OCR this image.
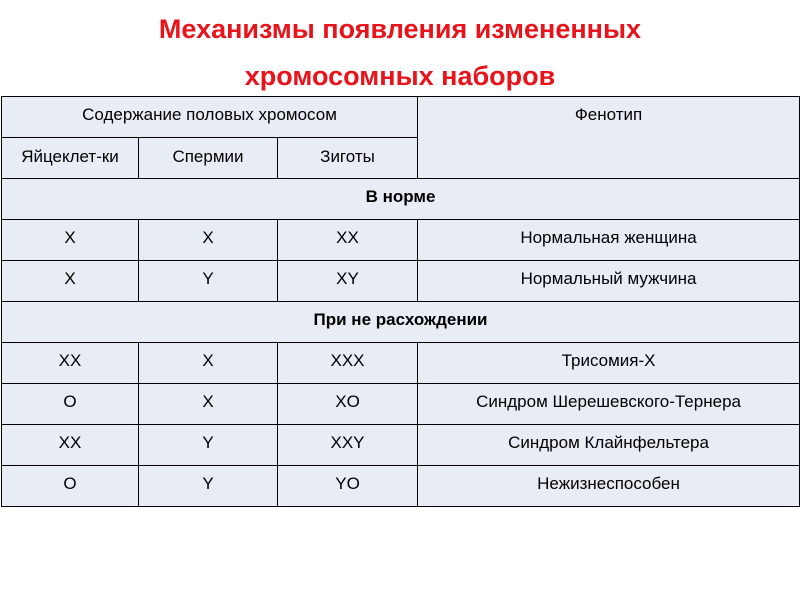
Механизмы появления измененных
хромосомных наборов
Содержание половых хромосом			Фенотип
Яйцеклет-ки	Спермии	Зиготы	
В норме			
X	X	XX	Нормальная женщина
X	Y	XY	Нормальный мужчина
При не расхождении			
XX	X	XXX	Трисомия-Х
O	X	XO	Синдром Шерешевского-Тернера
XX	Y	XXY	Синдром Клайнфельтера
O	Y	YO	Нежизнеспособен
